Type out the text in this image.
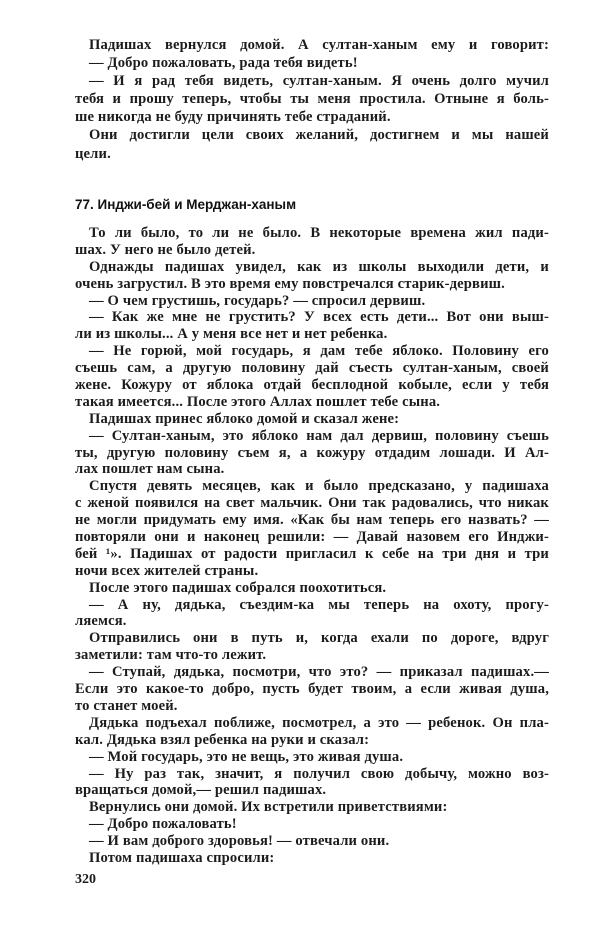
Падишах вернулся домой. А султан-ханым ему и говорит:
— Добро пожаловать, рада тебя видеть!
— И я рад тебя видеть, султан-ханым. Я очень долго мучил
тебя и прошу теперь, чтобы ты меня простила. Отныне я боль-
ше никогда не буду причинять тебе страданий.
Они достигли цели своих желаний, достигнем и мы нашей
цели.
77. Инджи-бей и Мерджан-ханым
То ли было, то ли не было. В некоторые времена жил пади-
шах. У него не было детей.
Однажды падишах увидел, как из школы выходили дети, и
очень загрустил. В это время ему повстречался старик-дервиш.
— О чем грустишь, государь? — спросил дервиш.
— Как же мне не грустить? У всех есть дети... Вот они выш-
ли из школы... А у меня все нет и нет ребенка.
— Не горюй, мой государь, я дам тебе яблоко. Половину его
съешь сам, а другую половину дай съесть султан-ханым, своей
жене. Кожуру от яблока отдай бесплодной кобыле, если у тебя
такая имеется... После этого Аллах пошлет тебе сына.
Падишах принес яблоко домой и сказал жене:
— Султан-ханым, это яблоко нам дал дервиш, половину съешь
ты, другую половину съем я, а кожуру отдадим лошади. И Ал-
лах пошлет нам сына.
Спустя девять месяцев, как и было предсказано, у падишаха
с женой появился на свет мальчик. Они так радовались, что никак
не могли придумать ему имя. «Как бы нам теперь его назвать? —
повторяли они и наконец решили: — Давай назовем его Инджи-
бей ¹». Падишах от радости пригласил к себе на три дня и три
ночи всех жителей страны.
После этого падишах собрался поохотиться.
— А ну, дядька, съездим-ка мы теперь на охоту, прогу-
ляемся.
Отправились они в путь и, когда ехали по дороге, вдруг
заметили: там что-то лежит.
— Ступай, дядька, посмотри, что это? — приказал падишах.—
Если это какое-то добро, пусть будет твоим, а если живая душа,
то станет моей.
Дядька подъехал поближе, посмотрел, а это — ребенок. Он пла-
кал. Дядька взял ребенка на руки и сказал:
— Мой государь, это не вещь, это живая душа.
— Ну раз так, значит, я получил свою добычу, можно воз-
вращаться домой,— решил падишах.
Вернулись они домой. Их встретили приветствиями:
— Добро пожаловать!
— И вам доброго здоровья! — отвечали они.
Потом падишаха спросили:
320
